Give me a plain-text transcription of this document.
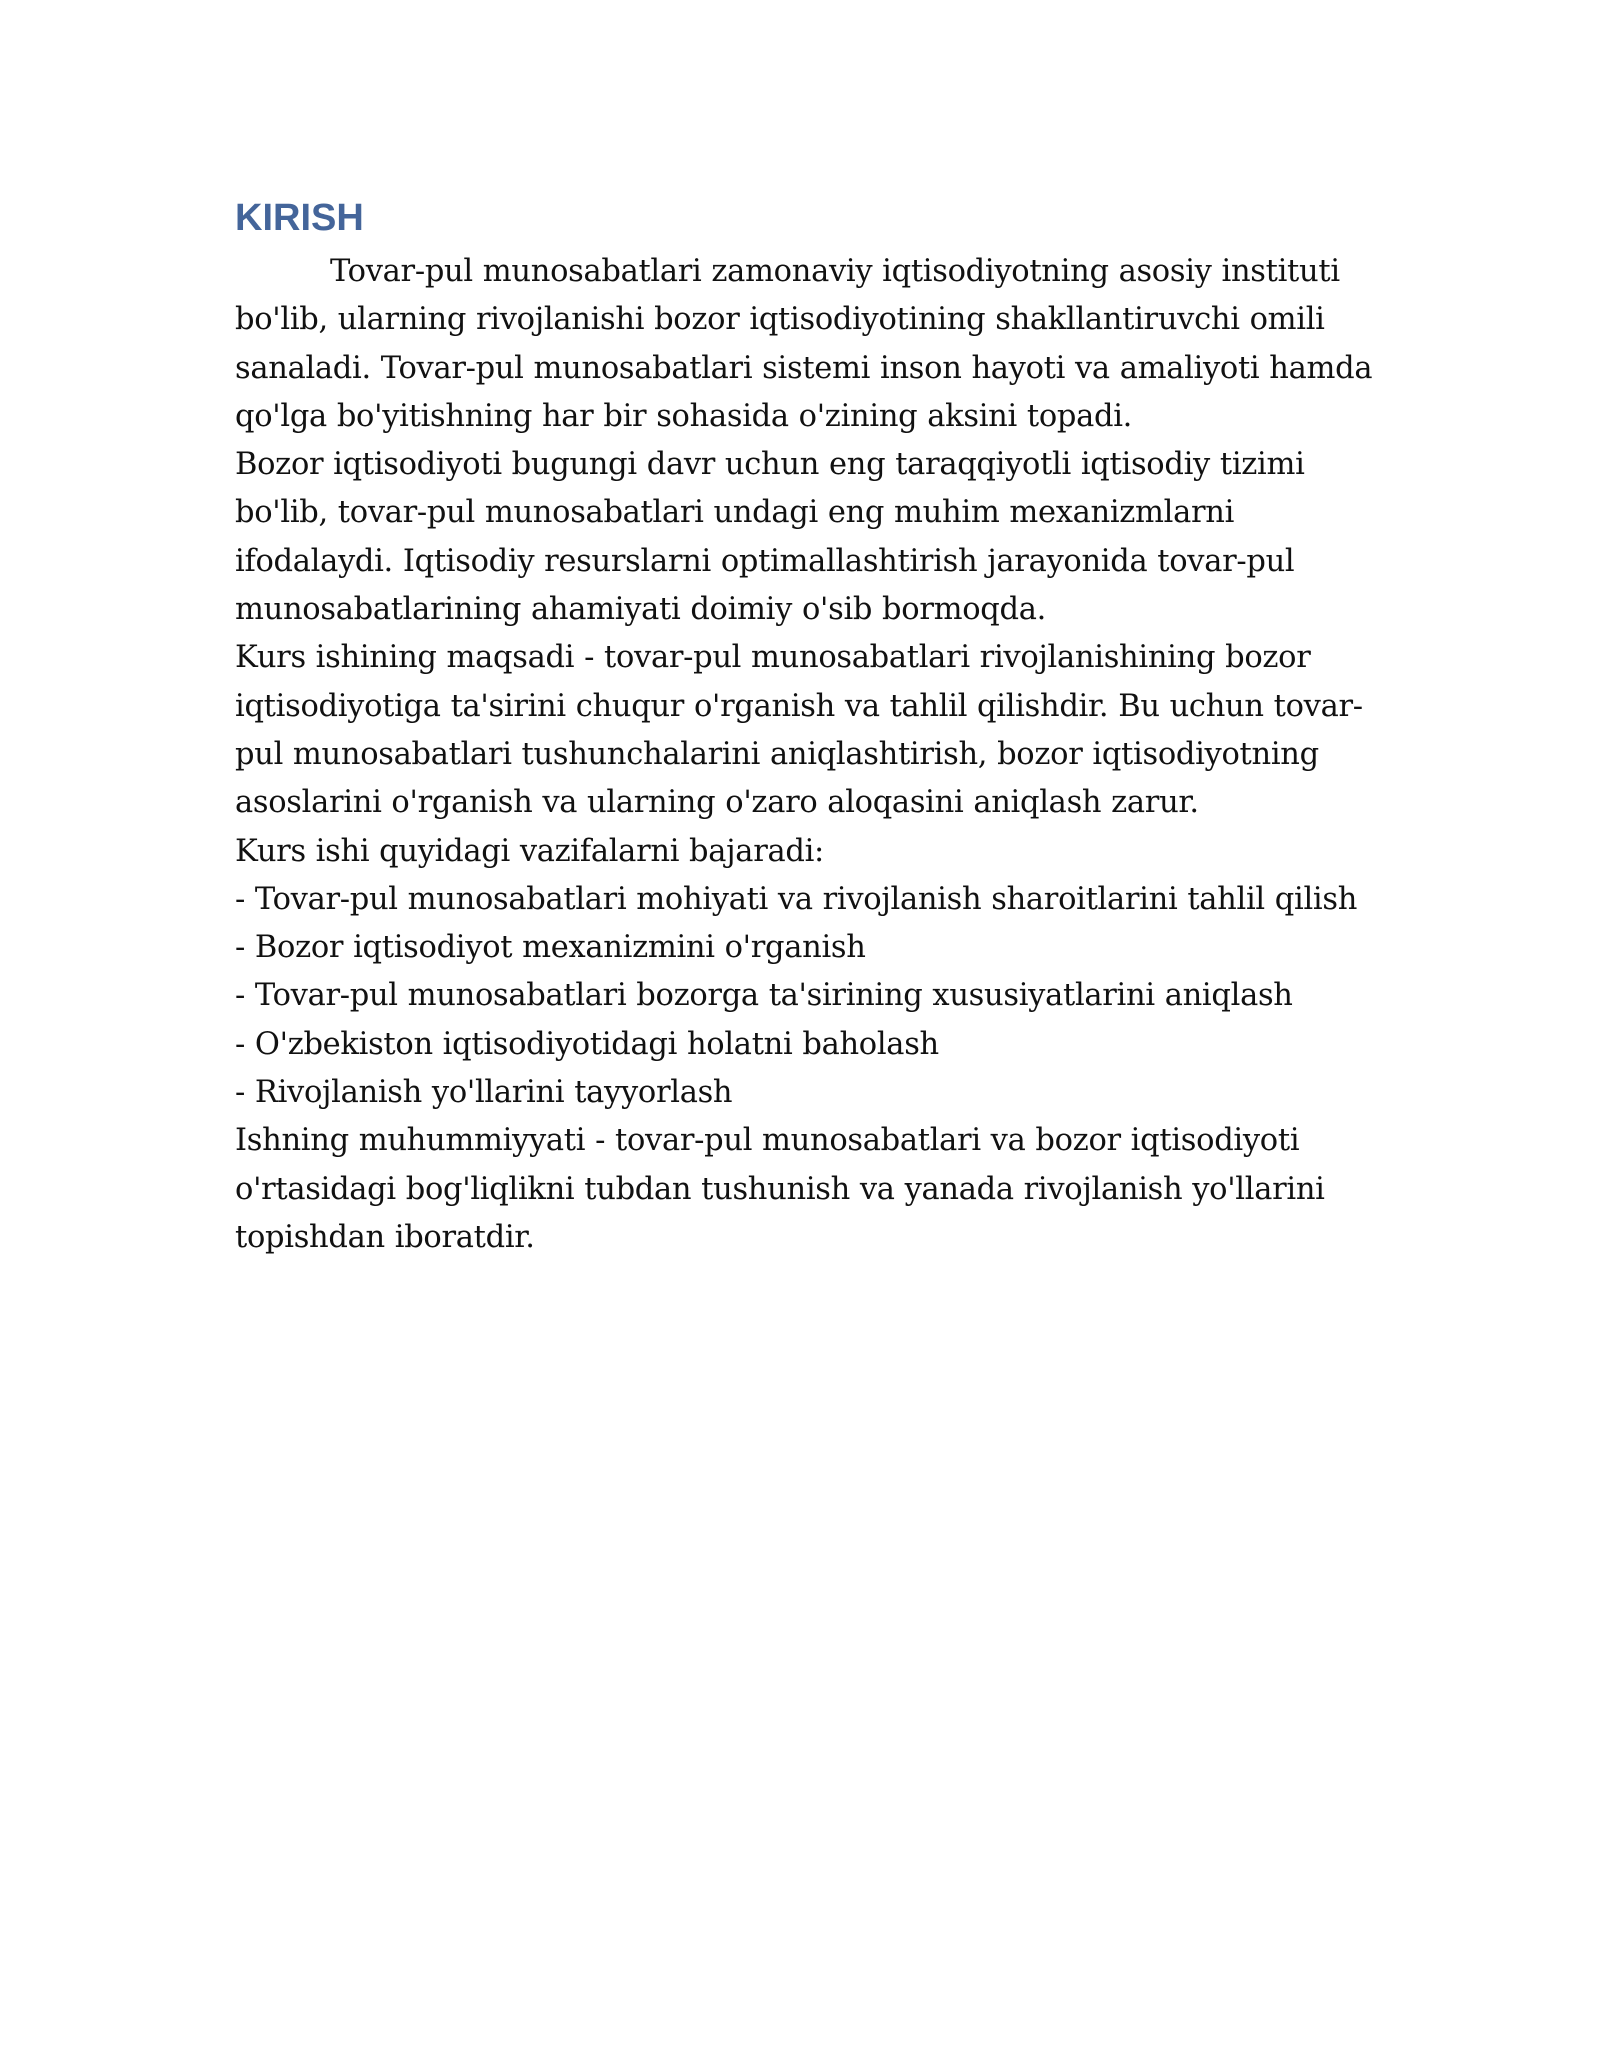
KIRISH
Tovar-pul munosabatlari zamonaviy iqtisodiyotning asosiy instituti
bo'lib, ularning rivojlanishi bozor iqtisodiyotining shakllantiruvchi omili
sanaladi. Tovar-pul munosabatlari sistemi inson hayoti va amaliyoti hamda
qo'lga bo'yitishning har bir sohasida o'zining aksini topadi.
Bozor iqtisodiyoti bugungi davr uchun eng taraqqiyotli iqtisodiy tizimi
bo'lib, tovar-pul munosabatlari undagi eng muhim mexanizmlarni
ifodalaydi. Iqtisodiy resurslarni optimallashtirish jarayonida tovar-pul
munosabatlarining ahamiyati doimiy o'sib bormoqda.
Kurs ishining maqsadi - tovar-pul munosabatlari rivojlanishining bozor
iqtisodiyotiga ta'sirini chuqur o'rganish va tahlil qilishdir. Bu uchun tovar-
pul munosabatlari tushunchalarini aniqlashtirish, bozor iqtisodiyotning
asoslarini o'rganish va ularning o'zaro aloqasini aniqlash zarur.
Kurs ishi quyidagi vazifalarni bajaradi:
- Tovar-pul munosabatlari mohiyati va rivojlanish sharoitlarini tahlil qilish
- Bozor iqtisodiyot mexanizmini o'rganish
- Tovar-pul munosabatlari bozorga ta'sirining xususiyatlarini aniqlash
- O'zbekiston iqtisodiyotidagi holatni baholash
- Rivojlanish yo'llarini tayyorlash
Ishning muhummiyyati - tovar-pul munosabatlari va bozor iqtisodiyoti
o'rtasidagi bog'liqlikni tubdan tushunish va yanada rivojlanish yo'llarini
topishdan iboratdir.
